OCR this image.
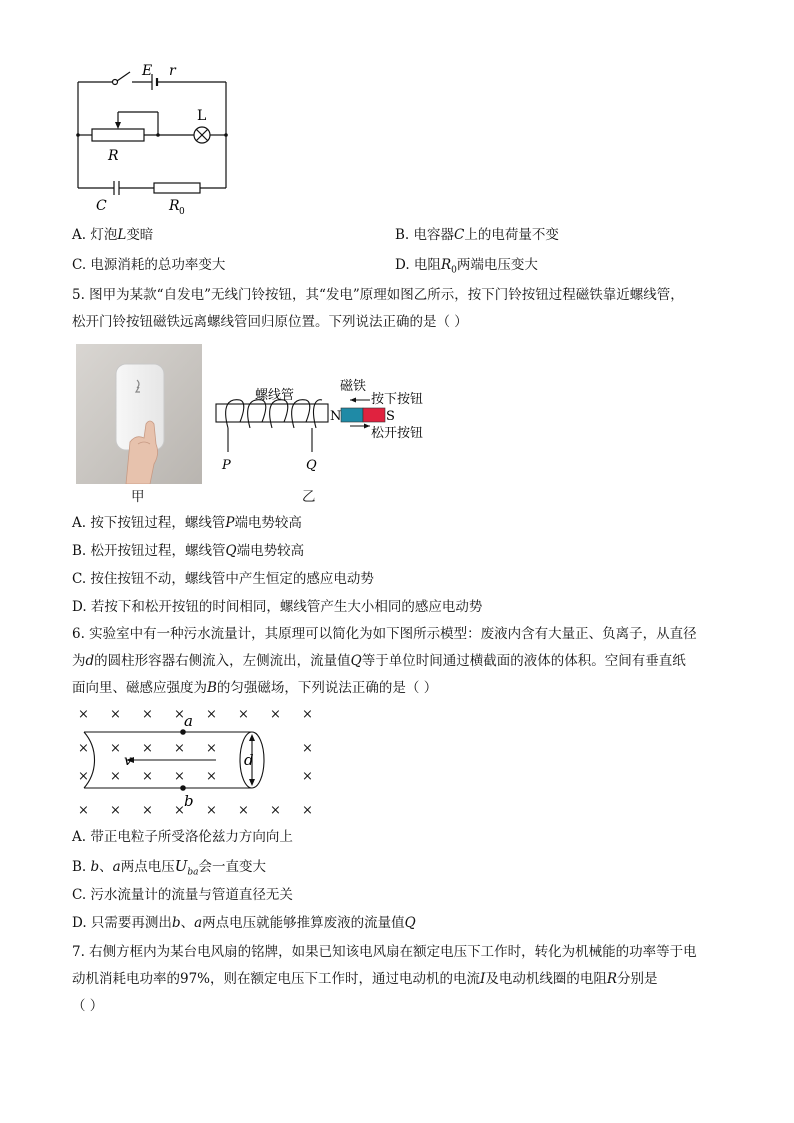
E r
L
R
C	R 0
A. 灯泡L变暗	B. 电容器C上的电荷量不变
C. 电源消耗的总功率变大	D. 电阻$R_0$两端电压变大
5. 图甲为某款“自发电”无线门铃按钮，其“发电”原理如图乙所示，按下门铃按钮过程磁铁靠近螺线管，
松开门铃按钮磁铁远离螺线管回归原位置。下列说法正确的是（ ）
甲
螺线管
磁铁
按下按钮
松开按钮
N	S
P	Q
乙
A. 按下按钮过程，螺线管P端电势较高
B. 松开按钮过程，螺线管Q端电势较高
C. 按住按钮不动，螺线管中产生恒定的感应电动势
D. 若按下和松开按钮的时间相同，螺线管产生大小相同的感应电动势
6. 实验室中有一种污水流量计，其原理可以简化为如下图所示模型：废液内含有大量正、负离子，从直径
为d的圆柱形容器右侧流入，左侧流出，流量值Q等于单位时间通过横截面的液体的体积。空间有垂直纸
面向里、磁感应强度为B的匀强磁场，下列说法正确的是（ ）
× × × × × × × ×
× × × × × × × ×
×
×
×
×
× × × ×
× × × ×
a
b
v	d
A. 带正电粒子所受洛伦兹力方向向上
B. b、a两点电压$U_{ba}$会一直变大
C. 污水流量计的流量与管道直径无关
D. 只需要再测出b、a两点电压就能够推算废液的流量值Q
7. 右侧方框内为某台电风扇的铭牌，如果已知该电风扇在额定电压下工作时，转化为机械能的功率等于电
动机消耗电功率的97%，则在额定电压下工作时，通过电动机的电流I及电动机线圈的电阻R分别是
（ ）
